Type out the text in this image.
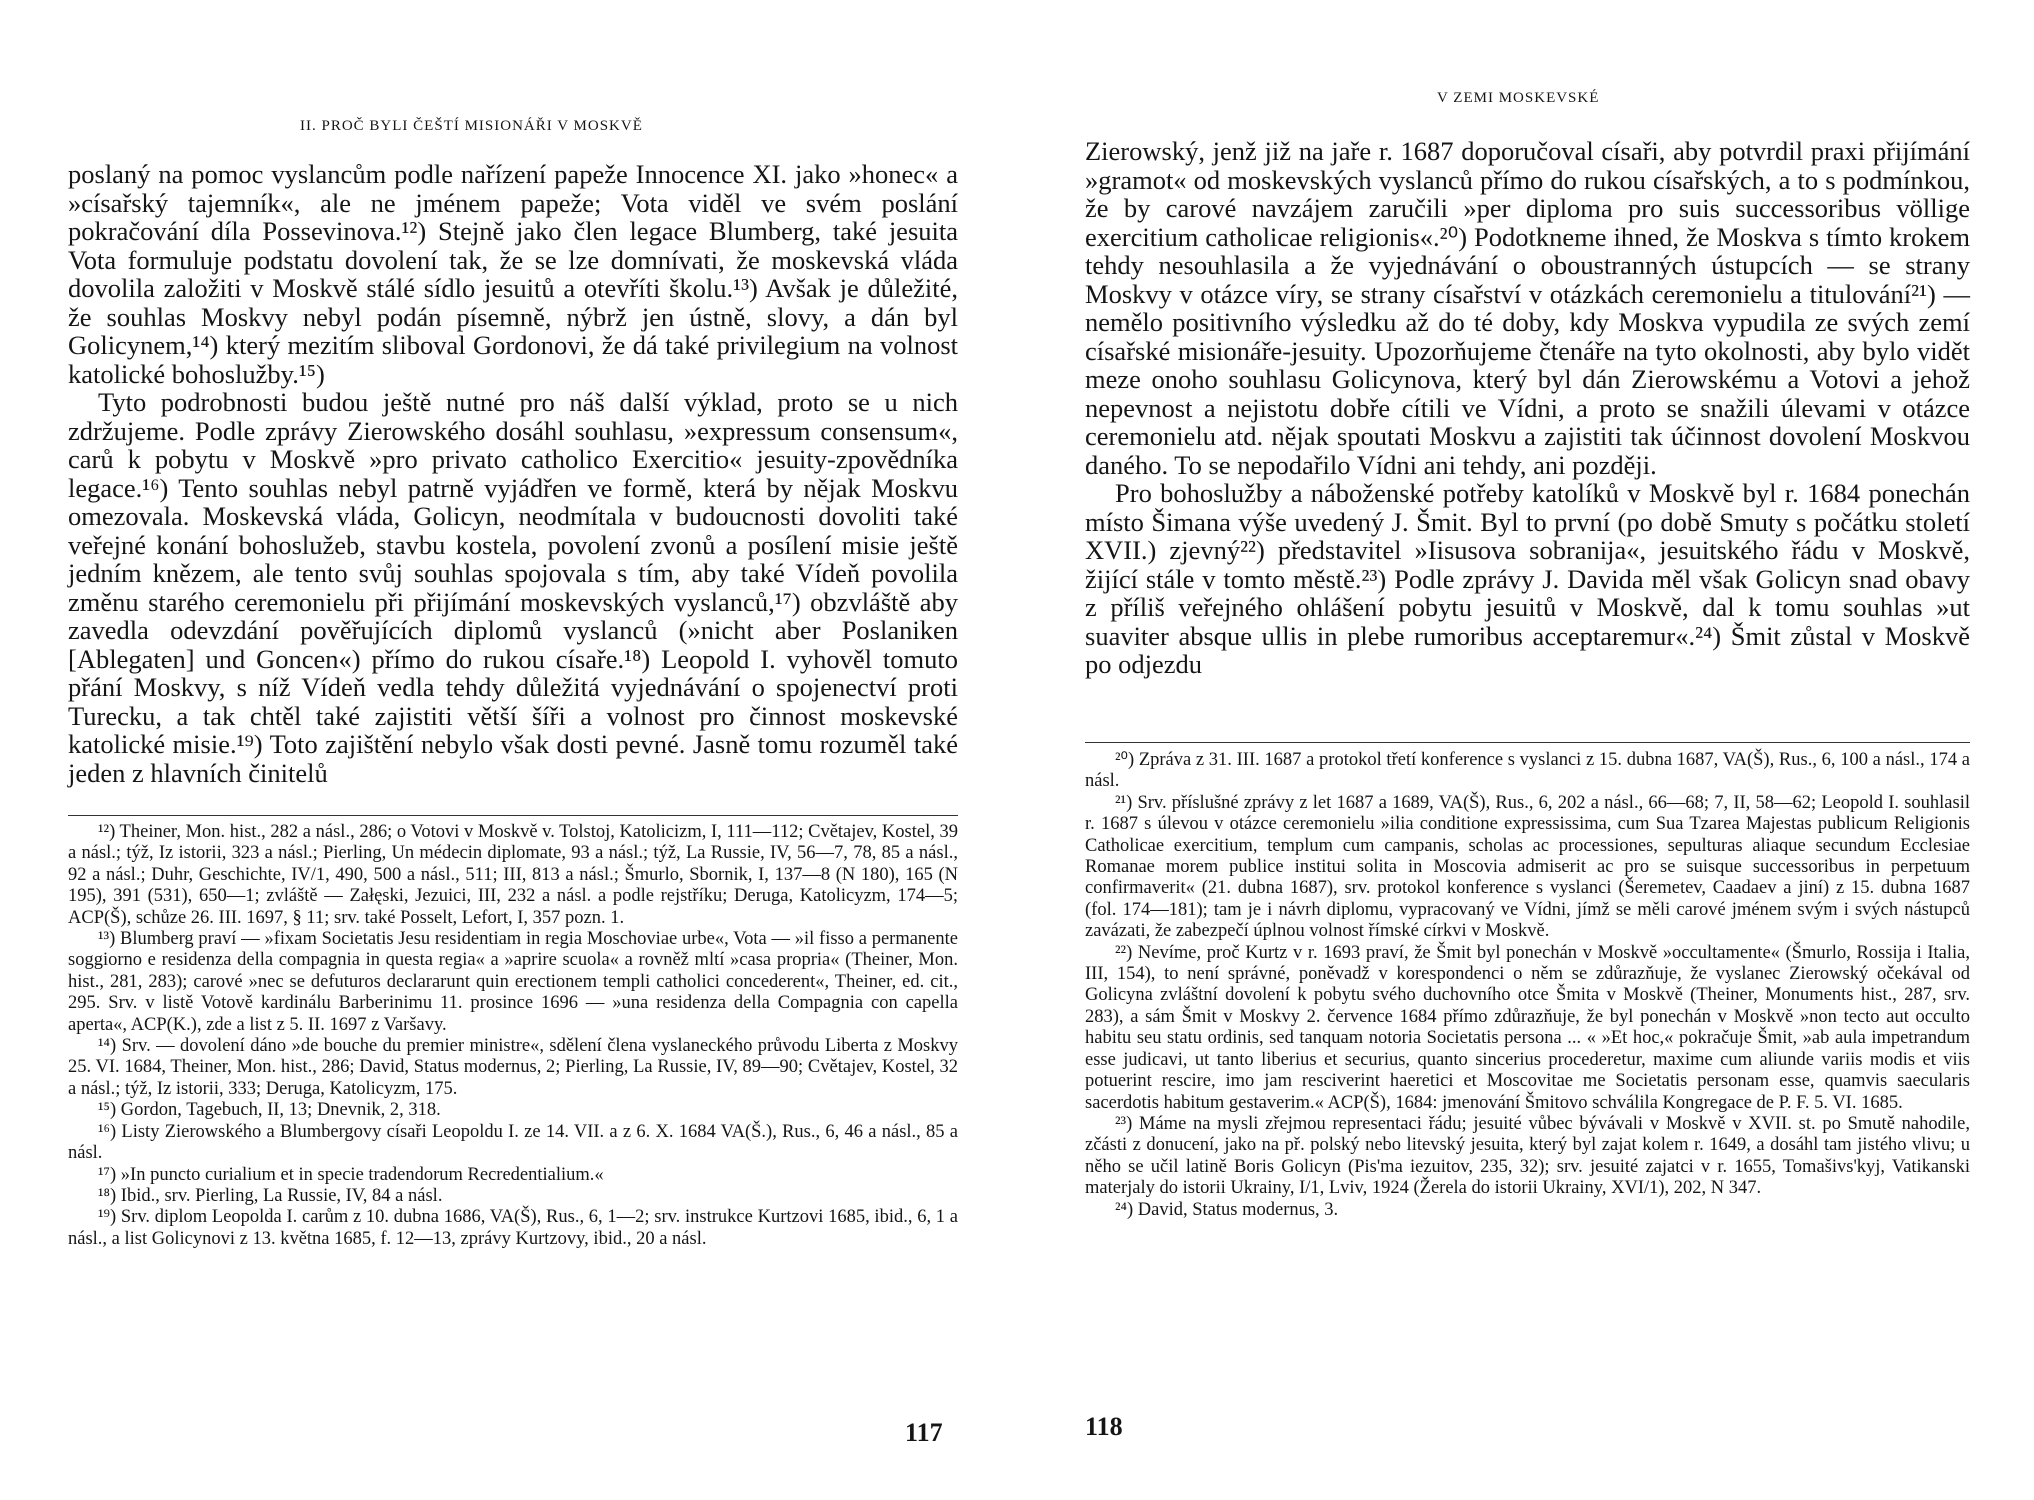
II. PROČ BYLI ČEŠTÍ MISIONÁŘI V MOSKVĚ

poslaný na pomoc vyslancům podle nařízení papeže Innocence XI. jako »honec« a »císařský tajemník«, ale ne jménem papeže; Vota viděl ve svém poslání pokračování díla Possevinova.¹²) Stejně jako člen legace Blumberg, také jesuita Vota formuluje podstatu dovolení tak, že se lze domnívati, že moskevská vláda dovolila založiti v Moskvě stálé sídlo jesuitů a otevříti školu.¹³) Avšak je důležité, že souhlas Moskvy nebyl podán písemně, nýbrž jen ústně, slovy, a dán byl Golicynem,¹⁴) který mezitím sliboval Gordonovi, že dá také privilegium na volnost katolické bohoslužby.¹⁵)

Tyto podrobnosti budou ještě nutné pro náš další výklad, proto se u nich zdržujeme. Podle zprávy Zierowského dosáhl souhlasu, »expressum consensum«, carů k pobytu v Moskvě »pro privato catholico Exercitio« jesuity-zpovědníka legace.¹⁶) Tento souhlas nebyl patrně vyjádřen ve formě, která by nějak Moskvu omezovala. Moskevská vláda, Golicyn, neodmítala v budoucnosti dovoliti také veřejné konání bohoslužeb, stavbu kostela, povolení zvonů a posílení misie ještě jedním knězem, ale tento svůj souhlas spojovala s tím, aby také Vídeň povolila změnu starého ceremonielu při přijímání moskevských vyslanců,¹⁷) obzvláště aby zavedla odevzdání pověřujících diplomů vyslanců (»nicht aber Poslaniken [Ablegaten] und Goncen«) přímo do rukou císaře.¹⁸) Leopold I. vyhověl tomuto přání Moskvy, s níž Vídeň vedla tehdy důležitá vyjednávání o spojenectví proti Turecku, a tak chtěl také zajistiti větší šíři a volnost pro činnost moskevské katolické misie.¹⁹) Toto zajištění nebylo však dosti pevné. Jasně tomu rozuměl také jeden z hlavních činitelů

¹²) Theiner, Mon. hist., 282 a násl., 286; o Votovi v Moskvě v. Tolstoj, Katolicizm, I, 111—112; Cvětajev, Kostel, 39 a násl.; týž, Iz istorii, 323 a násl.; Pierling, Un médecin diplomate, 93 a násl.; týž, La Russie, IV, 56—7, 78, 85 a násl., 92 a násl.; Duhr, Geschichte, IV/1, 490, 500 a násl., 511; III, 813 a násl.; Šmurlo, Sbornik, I, 137—8 (N 180), 165 (N 195), 391 (531), 650—1; zvláště — Załęski, Jezuici, III, 232 a násl. a podle rejstříku; Deruga, Katolicyzm, 174—5; ACP(Š), schůze 26. III. 1697, § 11; srv. také Posselt, Lefort, I, 357 pozn. 1.

¹³) Blumberg praví — »fixam Societatis Jesu residentiam in regia Moschoviae urbe«, Vota — »il fisso a permanente soggiorno e residenza della compagnia in questa regia« a »aprire scuola« a rovněž mltí »casa propria« (Theiner, Mon. hist., 281, 283); carové »nec se defuturos declararunt quin erectionem templi catholici concederent«, Theiner, ed. cit., 295. Srv. v listě Votově kardinálu Barberinimu 11. prosince 1696 — »una residenza della Compagnia con capella aperta«, ACP(K.), zde a list z 5. II. 1697 z Varšavy.

¹⁴) Srv. — dovolení dáno »de bouche du premier ministre«, sdělení člena vyslaneckého průvodu Liberta z Moskvy 25. VI. 1684, Theiner, Mon. hist., 286; David, Status modernus, 2; Pierling, La Russie, IV, 89—90; Cvětajev, Kostel, 32 a násl.; týž, Iz istorii, 333; Deruga, Katolicyzm, 175.

¹⁵) Gordon, Tagebuch, II, 13; Dnevnik, 2, 318.

¹⁶) Listy Zierowského a Blumbergovy císaři Leopoldu I. ze 14. VII. a z 6. X. 1684 VA(Š.), Rus., 6, 46 a násl., 85 a násl.

¹⁷) »In puncto curialium et in specie tradendorum Recredentialium.«

¹⁸) Ibid., srv. Pierling, La Russie, IV, 84 a násl.

¹⁹) Srv. diplom Leopolda I. carům z 10. dubna 1686, VA(Š), Rus., 6, 1—2; srv. instrukce Kurtzovi 1685, ibid., 6, 1 a násl., a list Golicynovi z 13. května 1685, f. 12—13, zprávy Kurtzovy, ibid., 20 a násl.

117
V ZEMI MOSKEVSKÉ

Zierowský, jenž již na jaře r. 1687 doporučoval císaři, aby potvrdil praxi přijímání »gramot« od moskevských vyslanců přímo do rukou císařských, a to s podmínkou, že by carové navzájem zaručili »per diploma pro suis successoribus völlige exercitium catholicae religionis«.²⁰) Podotkneme ihned, že Moskva s tímto krokem tehdy nesouhlasila a že vyjednávání o oboustranných ústupcích — se strany Moskvy v otázce víry, se strany císařství v otázkách ceremonielu a titulování²¹) — nemělo positivního výsledku až do té doby, kdy Moskva vypudila ze svých zemí císařské misionáře-jesuity. Upozorňujeme čtenáře na tyto okolnosti, aby bylo vidět meze onoho souhlasu Golicynova, který byl dán Zierowskému a Votovi a jehož nepevnost a nejistotu dobře cítili ve Vídni, a proto se snažili úlevami v otázce ceremonielu atd. nějak spoutati Moskvu a zajistiti tak účinnost dovolení Moskvou daného. To se nepodařilo Vídni ani tehdy, ani později.

Pro bohoslužby a náboženské potřeby katolíků v Moskvě byl r. 1684 ponechán místo Šimana výše uvedený J. Šmit. Byl to první (po době Smuty s počátku století XVII.) zjevný²²) představitel »Iisusova sobranija«, jesuitského řádu v Moskvě, žijící stále v tomto městě.²³) Podle zprávy J. Davida měl však Golicyn snad obavy z příliš veřejného ohlášení pobytu jesuitů v Moskvě, dal k tomu souhlas »ut suaviter absque ullis in plebe rumoribus acceptaremur«.²⁴) Šmit zůstal v Moskvě po odjezdu

²⁰) Zpráva z 31. III. 1687 a protokol třetí konference s vyslanci z 15. dubna 1687, VA(Š), Rus., 6, 100 a násl., 174 a násl.

²¹) Srv. příslušné zprávy z let 1687 a 1689, VA(Š), Rus., 6, 202 a násl., 66—68; 7, II, 58—62; Leopold I. souhlasil r. 1687 s úlevou v otázce ceremonielu »ilia conditione expressissima, cum Sua Tzarea Majestas publicum Religionis Catholicae exercitium, templum cum campanis, scholas ac processiones, sepulturas aliaque secundum Ecclesiae Romanae morem publice institui solita in Moscovia admiserit ac pro se suisque successoribus in perpetuum confirmaverit« (21. dubna 1687), srv. protokol konference s vyslanci (Šeremetev, Caadaev a jiní) z 15. dubna 1687 (fol. 174—181); tam je i návrh diplomu, vypracovaný ve Vídni, jímž se měli carové jménem svým i svých nástupců zavázati, že zabezpečí úplnou volnost římské církvi v Moskvě.

²²) Nevíme, proč Kurtz v r. 1693 praví, že Šmit byl ponechán v Moskvě »occultamente« (Šmurlo, Rossija i Italia, III, 154), to není správné, poněvadž v korespondenci o něm se zdůrazňuje, že vyslanec Zierowský očekával od Golicyna zvláštní dovolení k pobytu svého duchovního otce Šmita v Moskvě (Theiner, Monuments hist., 287, srv. 283), a sám Šmit v Moskvy 2. července 1684 přímo zdůrazňuje, že byl ponechán v Moskvě »non tecto aut occulto habitu seu statu ordinis, sed tanquam notoria Societatis persona ... « »Et hoc,« pokračuje Šmit, »ab aula impetrandum esse judicavi, ut tanto liberius et securius, quanto sincerius procederetur, maxime cum aliunde variis modis et viis potuerint rescire, imo jam resciverint haeretici et Moscovitae me Societatis personam esse, quamvis saecularis sacerdotis habitum gestaverim.« ACP(Š), 1684: jmenování Šmitovo schválila Kongregace de P. F. 5. VI. 1685.

²³) Máme na mysli zřejmou representaci řádu; jesuité vůbec bývávali v Moskvě v XVII. st. po Smutě nahodile, zčásti z donucení, jako na př. polský nebo litevský jesuita, který byl zajat kolem r. 1649, a dosáhl tam jistého vlivu; u něho se učil latině Boris Golicyn (Pis'ma iezuitov, 235, 32); srv. jesuité zajatci v r. 1655, Tomašivs'kyj, Vatikanski materjaly do istorii Ukrainy, I/1, Lviv, 1924 (Žerela do istorii Ukrainy, XVI/1), 202, N 347.

²⁴) David, Status modernus, 3.

118
